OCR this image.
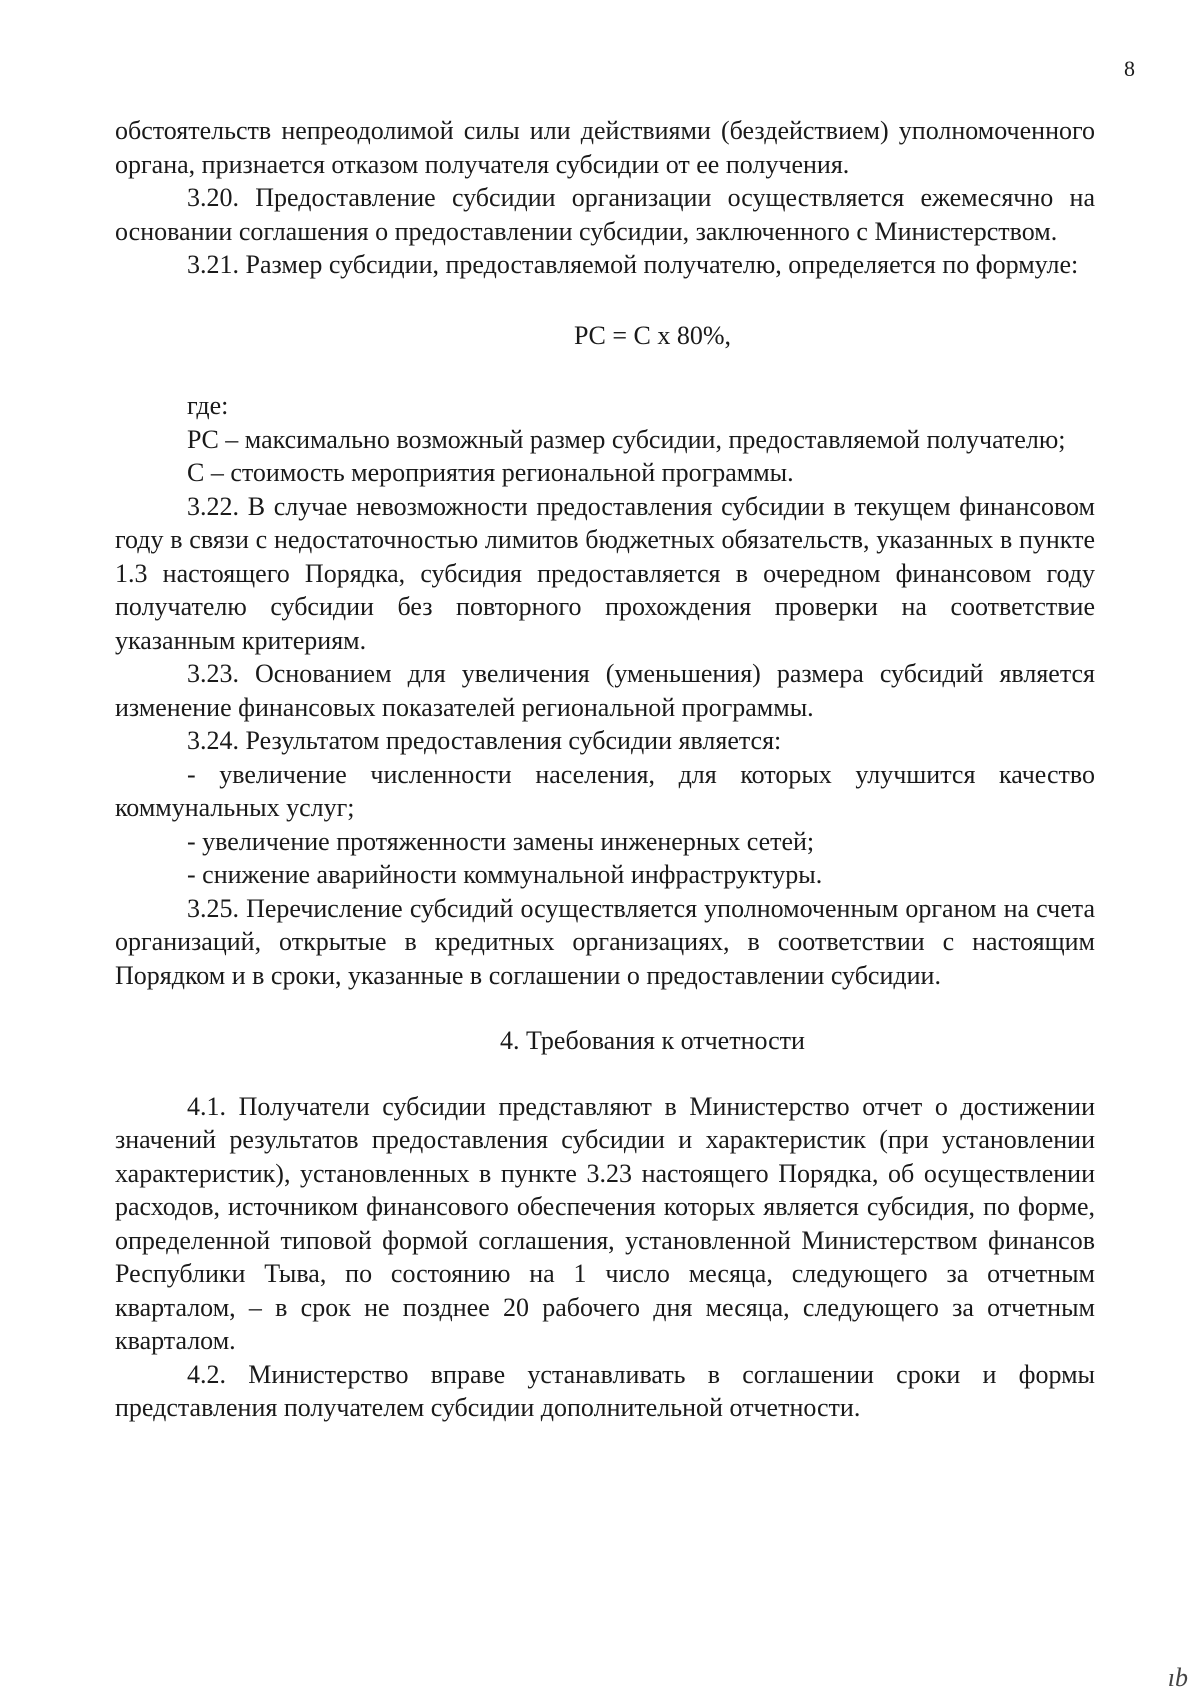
8

обстоятельств непреодолимой силы или действиями (бездействием) уполномоченного органа, признается отказом получателя субсидии от ее получения.

3.20. Предоставление субсидии организации осуществляется ежемесячно на основании соглашения о предоставлении субсидии, заключенного с Министерством.

3.21. Размер субсидии, предоставляемой получателю, определяется по формуле:

PC = C x 80%,

где:

PC – максимально возможный размер субсидии, предоставляемой получателю;

C – стоимость мероприятия региональной программы.

3.22. В случае невозможности предоставления субсидии в текущем финансовом году в связи с недостаточностью лимитов бюджетных обязательств, указанных в пункте 1.3 настоящего Порядка, субсидия предоставляется в очередном финансовом году получателю субсидии без повторного прохождения проверки на соответствие указанным критериям.

3.23. Основанием для увеличения (уменьшения) размера субсидий является изменение финансовых показателей региональной программы.

3.24. Результатом предоставления субсидии является:

- увеличение численности населения, для которых улучшится качество коммунальных услуг;

- увеличение протяженности замены инженерных сетей;

- снижение аварийности коммунальной инфраструктуры.

3.25. Перечисление субсидий осуществляется уполномоченным органом на счета организаций, открытые в кредитных организациях, в соответствии с настоящим Порядком и в сроки, указанные в соглашении о предоставлении субсидии.

4. Требования к отчетности

4.1. Получатели субсидии представляют в Министерство отчет о достижении значений результатов предоставления субсидии и характеристик (при установлении характеристик), установленных в пункте 3.23 настоящего Порядка, об осуществлении расходов, источником финансового обеспечения которых является субсидия, по форме, определенной типовой формой соглашения, установленной Министерством финансов Республики Тыва, по состоянию на 1 число месяца, следующего за отчетным кварталом, – в срок не позднее 20 рабочего дня месяца, следующего за отчетным кварталом.

4.2. Министерство вправе устанавливать в соглашении сроки и формы представления получателем субсидии дополнительной отчетности.

ıb
